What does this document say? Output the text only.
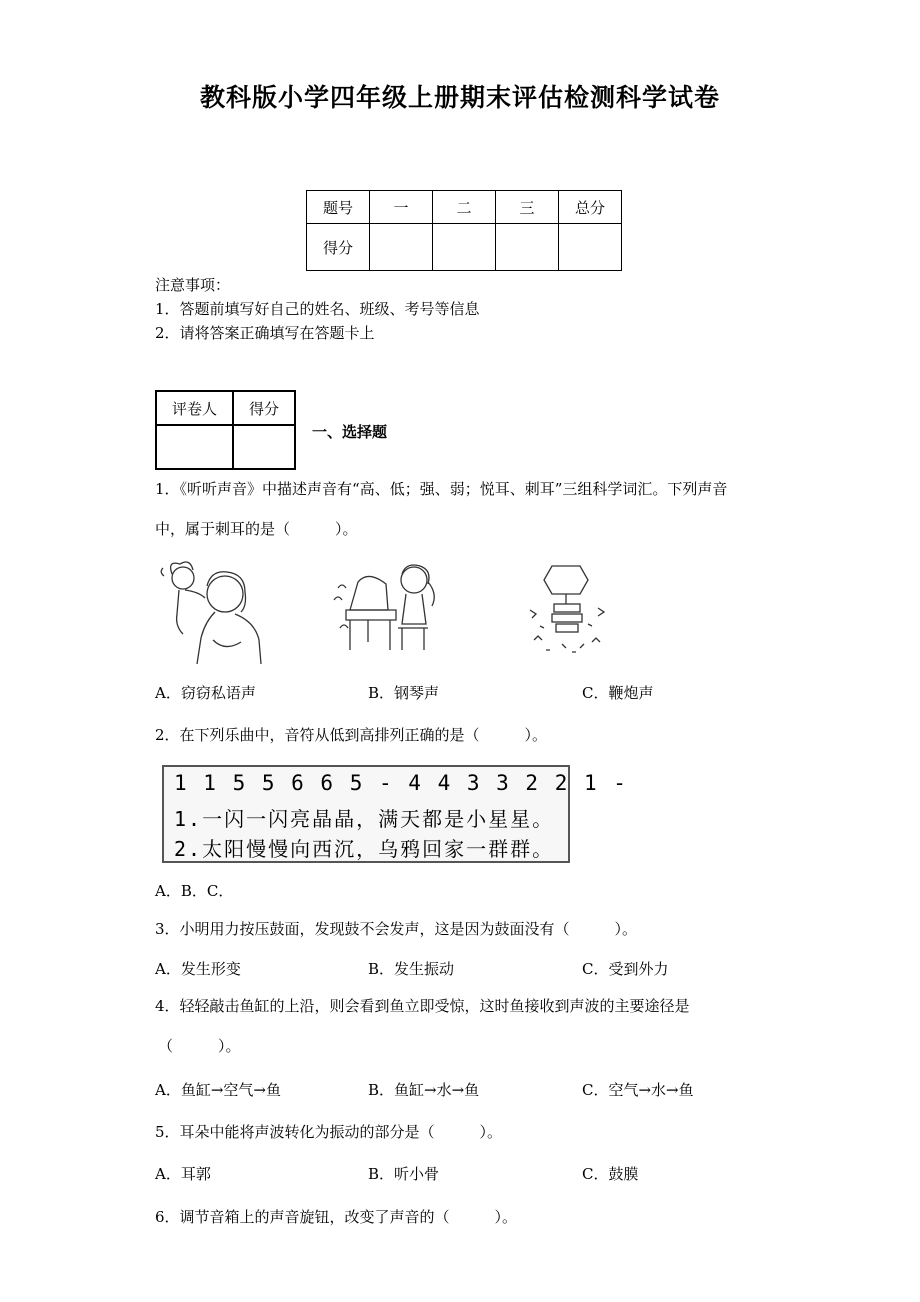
教科版小学四年级上册期末评估检测科学试卷
题号	一	二	三	总分
得分				
注意事项：
1．答题前填写好自己的姓名、班级、考号等信息
2．请将答案正确填写在答题卡上
评卷人	得分

一、选择题
1．《听听声音》中描述声音有“高、低；强、弱；悦耳、刺耳”三组科学词汇。下列声音
中，属于刺耳的是（　　　）。
A．窃窃私语声	B．钢琴声	C．鞭炮声
2．在下列乐曲中，音符从低到高排列正确的是（　　　）。
1 1 5 5 6 6 5 - 4 4 3 3 2 2 1 -
1.一闪一闪亮晶晶，满天都是小星星。
2.太阳慢慢向西沉，乌鸦回家一群群。
A．B．C．
3．小明用力按压鼓面，发现鼓不会发声，这是因为鼓面没有（　　　）。
A．发生形变	B．发生振动	C．受到外力
4．轻轻敲击鱼缸的上沿，则会看到鱼立即受惊，这时鱼接收到声波的主要途径是
（　　　）。
A．鱼缸→空气→鱼	B．鱼缸→水→鱼	C．空气→水→鱼
5．耳朵中能将声波转化为振动的部分是（　　　）。
A．耳郭	B．听小骨	C．鼓膜
6．调节音箱上的声音旋钮，改变了声音的（　　　）。
